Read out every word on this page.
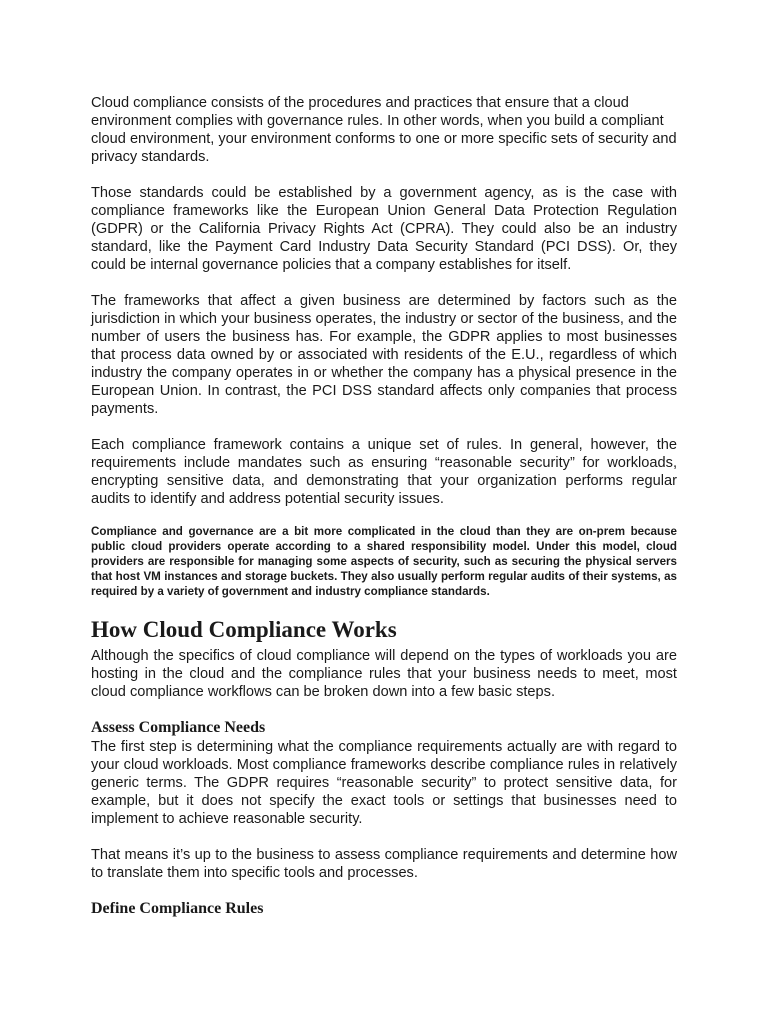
Cloud compliance consists of the procedures and practices that ensure that a cloud environment complies with governance rules. In other words, when you build a compliant cloud environment, your environment conforms to one or more specific sets of security and privacy standards.

Those standards could be established by a government agency, as is the case with compliance frameworks like the European Union General Data Protection Regulation (GDPR) or the California Privacy Rights Act (CPRA). They could also be an industry standard, like the Payment Card Industry Data Security Standard (PCI DSS). Or, they could be internal governance policies that a company establishes for itself.

The frameworks that affect a given business are determined by factors such as the jurisdiction in which your business operates, the industry or sector of the business, and the number of users the business has. For example, the GDPR applies to most businesses that process data owned by or associated with residents of the E.U., regardless of which industry the company operates in or whether the company has a physical presence in the European Union. In contrast, the PCI DSS standard affects only companies that process payments.

Each compliance framework contains a unique set of rules. In general, however, the requirements include mandates such as ensuring “reasonable security” for workloads, encrypting sensitive data, and demonstrating that your organization performs regular audits to identify and address potential security issues.

Compliance and governance are a bit more complicated in the cloud than they are on-prem because public cloud providers operate according to a shared responsibility model. Under this model, cloud providers are responsible for managing some aspects of security, such as securing the physical servers that host VM instances and storage buckets. They also usually perform regular audits of their systems, as required by a variety of government and industry compliance standards.

How Cloud Compliance Works

Although the specifics of cloud compliance will depend on the types of workloads you are hosting in the cloud and the compliance rules that your business needs to meet, most cloud compliance workflows can be broken down into a few basic steps.

Assess Compliance Needs

The first step is determining what the compliance requirements actually are with regard to your cloud workloads. Most compliance frameworks describe compliance rules in relatively generic terms. The GDPR requires “reasonable security” to protect sensitive data, for example, but it does not specify the exact tools or settings that businesses need to implement to achieve reasonable security.

That means it’s up to the business to assess compliance requirements and determine how to translate them into specific tools and processes.

Define Compliance Rules
